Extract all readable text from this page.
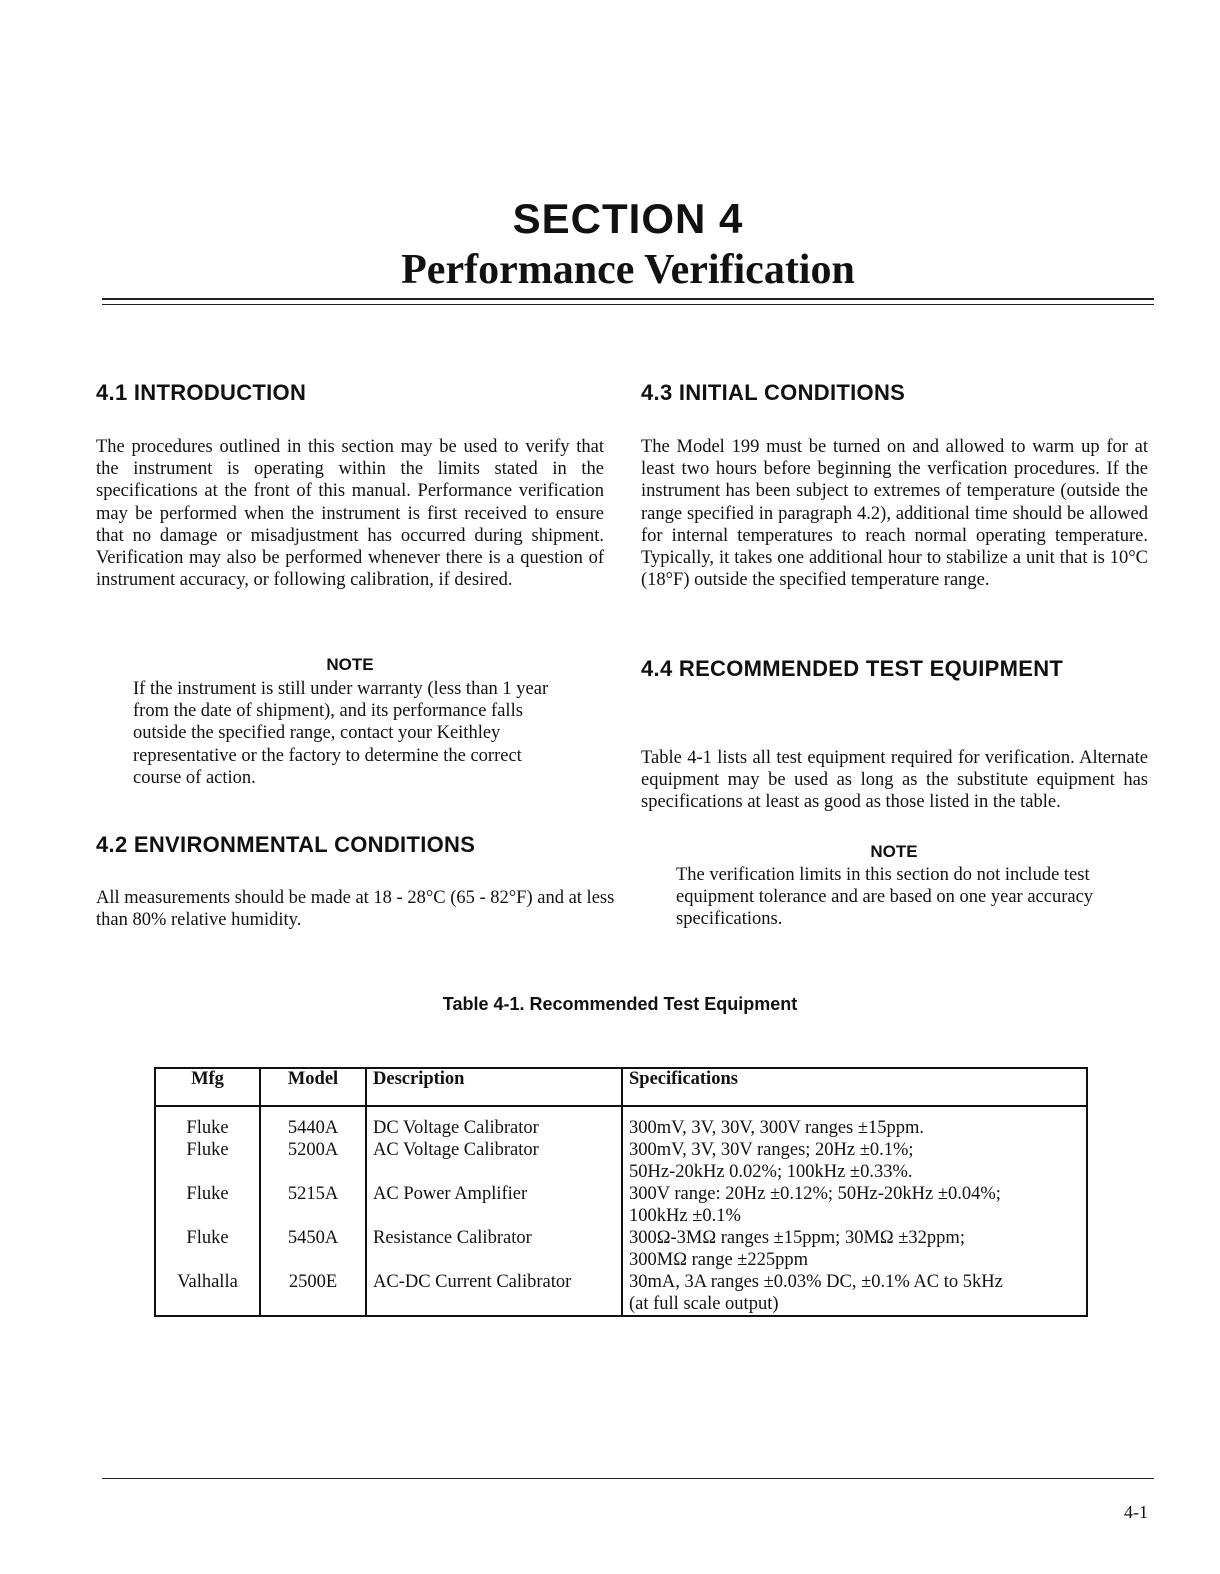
SECTION 4
Performance Verification
4.1 INTRODUCTION
The procedures outlined in this section may be used to verify that the instrument is operating within the limits stated in the specifications at the front of this manual. Performance verification may be performed when the instrument is first received to ensure that no damage or misadjustment has occurred during shipment. Verification may also be performed whenever there is a question of instrument accuracy, or following calibration, if desired.
NOTE
If the instrument is still under warranty (less than 1 year from the date of shipment), and its performance falls outside the specified range, contact your Keithley representative or the factory to determine the correct course of action.
4.2 ENVIRONMENTAL CONDITIONS
All measurements should be made at 18 - 28°C (65 - 82°F) and at less than 80% relative humidity.
4.3 INITIAL CONDITIONS
The Model 199 must be turned on and allowed to warm up for at least two hours before beginning the verfication procedures. If the instrument has been subject to extremes of temperature (outside the range specified in paragraph 4.2), additional time should be allowed for internal temperatures to reach normal operating temperature. Typically, it takes one additional hour to stabilize a unit that is 10°C (18°F) outside the specified temperature range.
4.4 RECOMMENDED TEST EQUIPMENT
Table 4-1 lists all test equipment required for verification. Alternate equipment may be used as long as the substitute equipment has specifications at least as good as those listed in the table.
NOTE
The verification limits in this section do not include test equipment tolerance and are based on one year accuracy specifications.
Table 4-1. Recommended Test Equipment
Mfg	Model	Description	Specifications
Fluke	5440A	DC Voltage Calibrator	300mV, 3V, 30V, 300V ranges ±15ppm.

Fluke	5200A	AC Voltage Calibrator	300mV, 3V, 30V ranges; 20Hz ±0.1%;
50Hz-20kHz 0.02%; 100kHz ±0.33%.

Fluke	5215A	AC Power Amplifier	300V range: 20Hz ±0.12%; 50Hz-20kHz ±0.04%;
100kHz ±0.1%

Fluke	5450A	Resistance Calibrator	300Ω-3MΩ ranges ±15ppm; 30MΩ ±32ppm;
300MΩ range ±225ppm

Valhalla	2500E	AC-DC Current Calibrator	30mA, 3A ranges ±0.03% DC, ±0.1% AC to 5kHz
(at full scale output)
4-1
